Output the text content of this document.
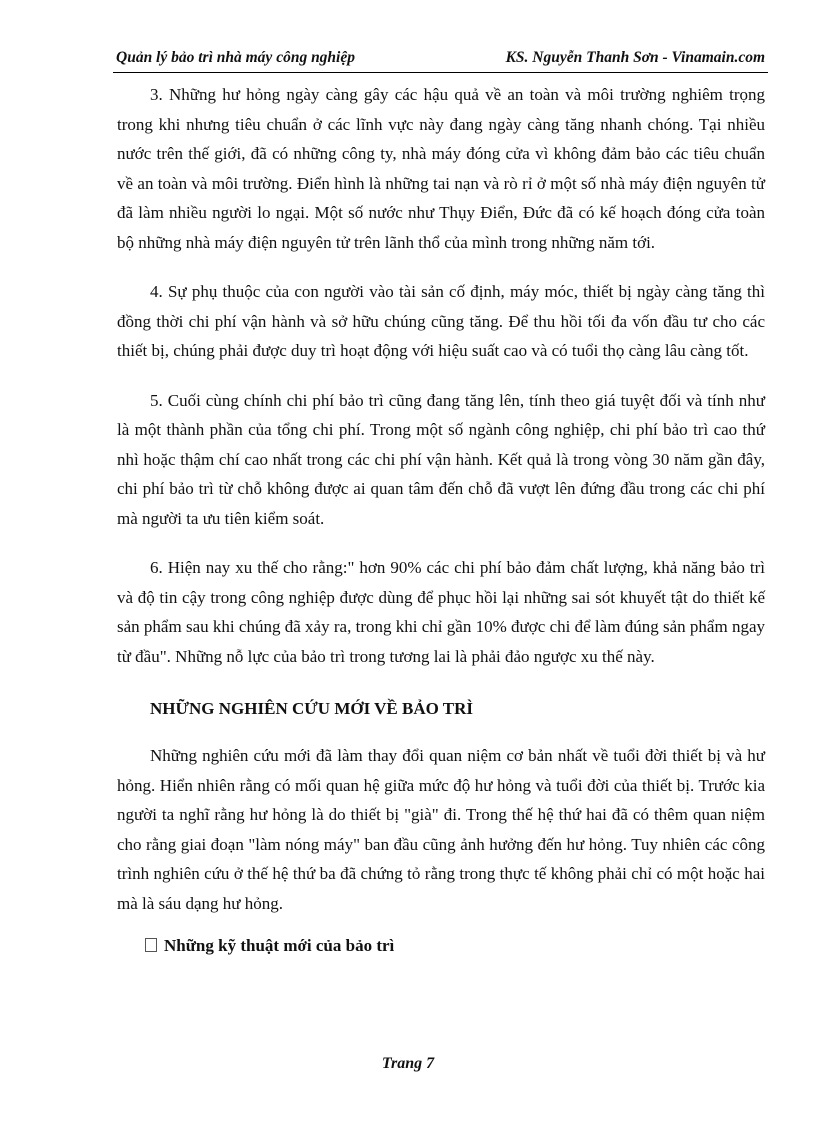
Quản lý bảo trì nhà máy công nghiệp	KS. Nguyễn Thanh Sơn - Vinamain.com

3. Những hư hỏng ngày càng gây các hậu quả về an toàn và môi trường nghiêm trọng trong khi nhưng tiêu chuẩn ở các lĩnh vực này đang ngày càng tăng nhanh chóng. Tại nhiều nước trên thế giới, đã có những công ty, nhà máy đóng cửa vì không đảm bảo các tiêu chuẩn về an toàn và môi trường. Điển hình là những tai nạn và rò rỉ ở một số nhà máy điện nguyên tử đã làm nhiều người lo ngại. Một số nước như Thụy Điển, Đức đã có kế hoạch đóng cửa toàn bộ những nhà máy điện nguyên tử trên lãnh thổ của mình trong những năm tới.

4. Sự phụ thuộc của con người vào tài sản cố định, máy móc, thiết bị ngày càng tăng thì đồng thời chi phí vận hành và sở hữu chúng cũng tăng. Để thu hồi tối đa vốn đầu tư cho các thiết bị, chúng phải được duy trì hoạt động với hiệu suất cao và có tuổi thọ càng lâu càng tốt.

5. Cuối cùng chính chi phí bảo trì cũng đang tăng lên, tính theo giá tuyệt đối và tính như là một thành phần của tổng chi phí. Trong một số ngành công nghiệp, chi phí bảo trì cao thứ nhì hoặc thậm chí cao nhất trong các chi phí vận hành. Kết quả là trong vòng 30 năm gần đây, chi phí bảo trì từ chỗ không được ai quan tâm đến chỗ đã vượt lên đứng đầu trong các chi phí mà người ta ưu tiên kiểm soát.

6. Hiện nay xu thế cho rằng:" hơn 90% các chi phí bảo đảm chất lượng, khả năng bảo trì và độ tin cậy trong công nghiệp được dùng để phục hồi lại những sai sót khuyết tật do thiết kế sản phẩm sau khi chúng đã xảy ra, trong khi chỉ gần 10% được chi để làm đúng sản phẩm ngay từ đầu". Những nỗ lực của bảo trì trong tương lai là phải đảo ngược xu thế này.

NHỮNG NGHIÊN CỨU MỚI VỀ BẢO TRÌ

Những nghiên cứu mới đã làm thay đổi quan niệm cơ bản nhất về tuổi đời thiết bị và hư hỏng. Hiển nhiên rằng có mối quan hệ giữa mức độ hư hỏng và tuổi đời của thiết bị. Trước kia người ta nghĩ rằng hư hỏng là do thiết bị "già" đi. Trong thế hệ thứ hai đã có thêm quan niệm cho rằng giai đoạn "làm nóng máy" ban đầu cũng ảnh hưởng đến hư hỏng. Tuy nhiên các công trình nghiên cứu ở thế hệ thứ ba đã chứng tỏ rằng trong thực tế không phải chỉ có một hoặc hai mà là sáu dạng hư hỏng.

Những kỹ thuật mới của bảo trì
Trang 7
